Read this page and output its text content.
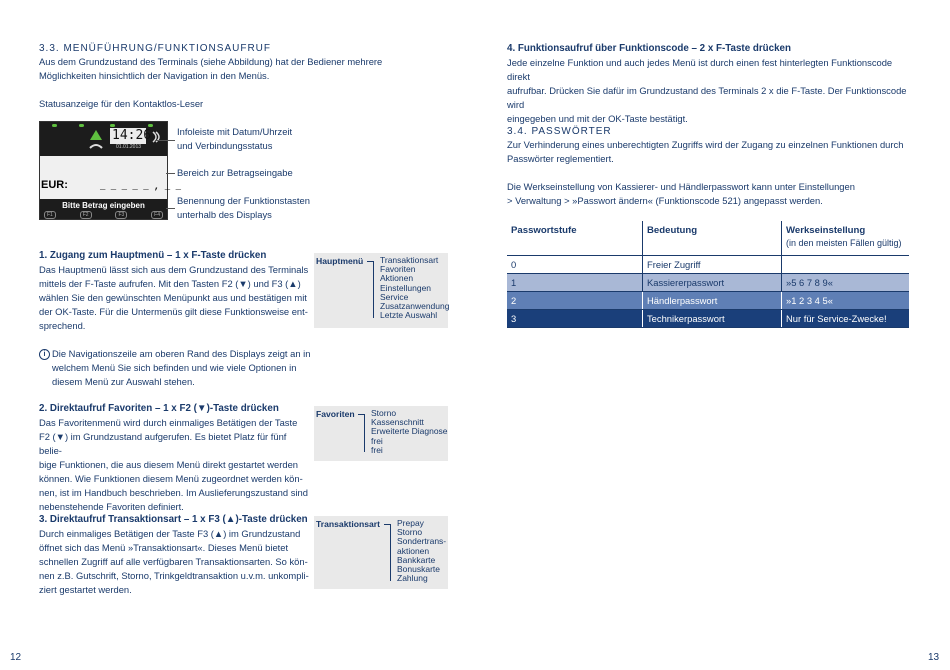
3.3. MENÜFÜHRUNG/FUNKTIONSAUFRUF
Aus dem Grundzustand des Terminals (siehe Abbildung) hat der Bediener mehrere
Möglichkeiten hinsichtlich der Navigation in den Menüs.
Statusanzeige für den Kontaktlos-Leser
14:26
01.01.2013
EUR:	_ _ _ _ _ , _ _
Bitte Betrag eingeben
F1	F2	F3	F4
Infoleiste mit Datum/Uhrzeit
und Verbindungsstatus
Bereich zur Betragseingabe
Benennung der Funktionstasten
unterhalb des Displays
1. Zugang zum Hauptmenü – 1 x F-Taste drücken
Das Hauptmenü lässt sich aus dem Grundzustand des Terminals
mittels der F-Taste aufrufen. Mit den Tasten F2 (▼) und F3 (▲)
wählen Sie den gewünschten Menüpunkt aus und bestätigen mit
der OK-Taste. Für die Untermenüs gilt diese Funktionsweise ent-
sprechend.
i Die Navigationszeile am oberen Rand des Displays zeigt an in
welchem Menü Sie sich befinden und wie viele Optionen in
diesem Menü zur Auswahl stehen.
2. Direktaufruf Favoriten – 1 x F2 (▼)-Taste drücken
Das Favoritenmenü wird durch einmaliges Betätigen der Taste
F2 (▼) im Grundzustand aufgerufen. Es bietet Platz für fünf belie-
bige Funktionen, die aus diesem Menü direkt gestartet werden
können. Wie Funktionen diesem Menü zugeordnet werden kön-
nen, ist im Handbuch beschrieben. Im Auslieferungszustand sind
nebenstehende Favoriten definiert.
3. Direktaufruf Transaktionsart – 1 x F3 (▲)-Taste drücken
Durch einmaliges Betätigen der Taste F3 (▲) im Grundzustand
öffnet sich das Menü »Transaktionsart«. Dieses Menü bietet
schnellen Zugriff auf alle verfügbaren Transaktionsarten. So kön-
nen z.B. Gutschrift, Storno, Trinkgeldtransaktion u.v.m. unkompli-
ziert gestartet werden.
Hauptmenü Transaktionsart
Favoriten
Aktionen
Einstellungen
Service
Zusatzanwendung
Letzte Auswahl
Favoriten Storno
Kassenschnitt
Erweiterte Diagnose
frei
frei
Transaktionsart Prepay
Storno
Sondertrans-
aktionen
Bankkarte
Bonuskarte
Zahlung
12
4. Funktionsaufruf über Funktionscode – 2 x F-Taste drücken
Jede einzelne Funktion und auch jedes Menü ist durch einen fest hinterlegten Funktionscode direkt
aufrufbar. Drücken Sie dafür im Grundzustand des Terminals 2 x die F-Taste. Der Funktionscode wird
eingegeben und mit der OK-Taste bestätigt.
3.4. PASSWÖRTER
Zur Verhinderung eines unberechtigten Zugriffs wird der Zugang zu einzelnen Funktionen durch
Passwörter reglementiert.
Die Werkseinstellung von Kassierer- und Händlerpasswort kann unter Einstellungen
> Verwaltung > »Passwort ändern« (Funktionscode 521) angepasst werden.
Passwortstufe	Bedeutung	Werkseinstellung
(in den meisten Fällen gültig)
0	Freier Zugriff
1	Kassiererpasswort	»5 6 7 8 9«
2	Händlerpasswort	»1 2 3 4 5«
3	Technikerpasswort	Nur für Service-Zwecke!
13
